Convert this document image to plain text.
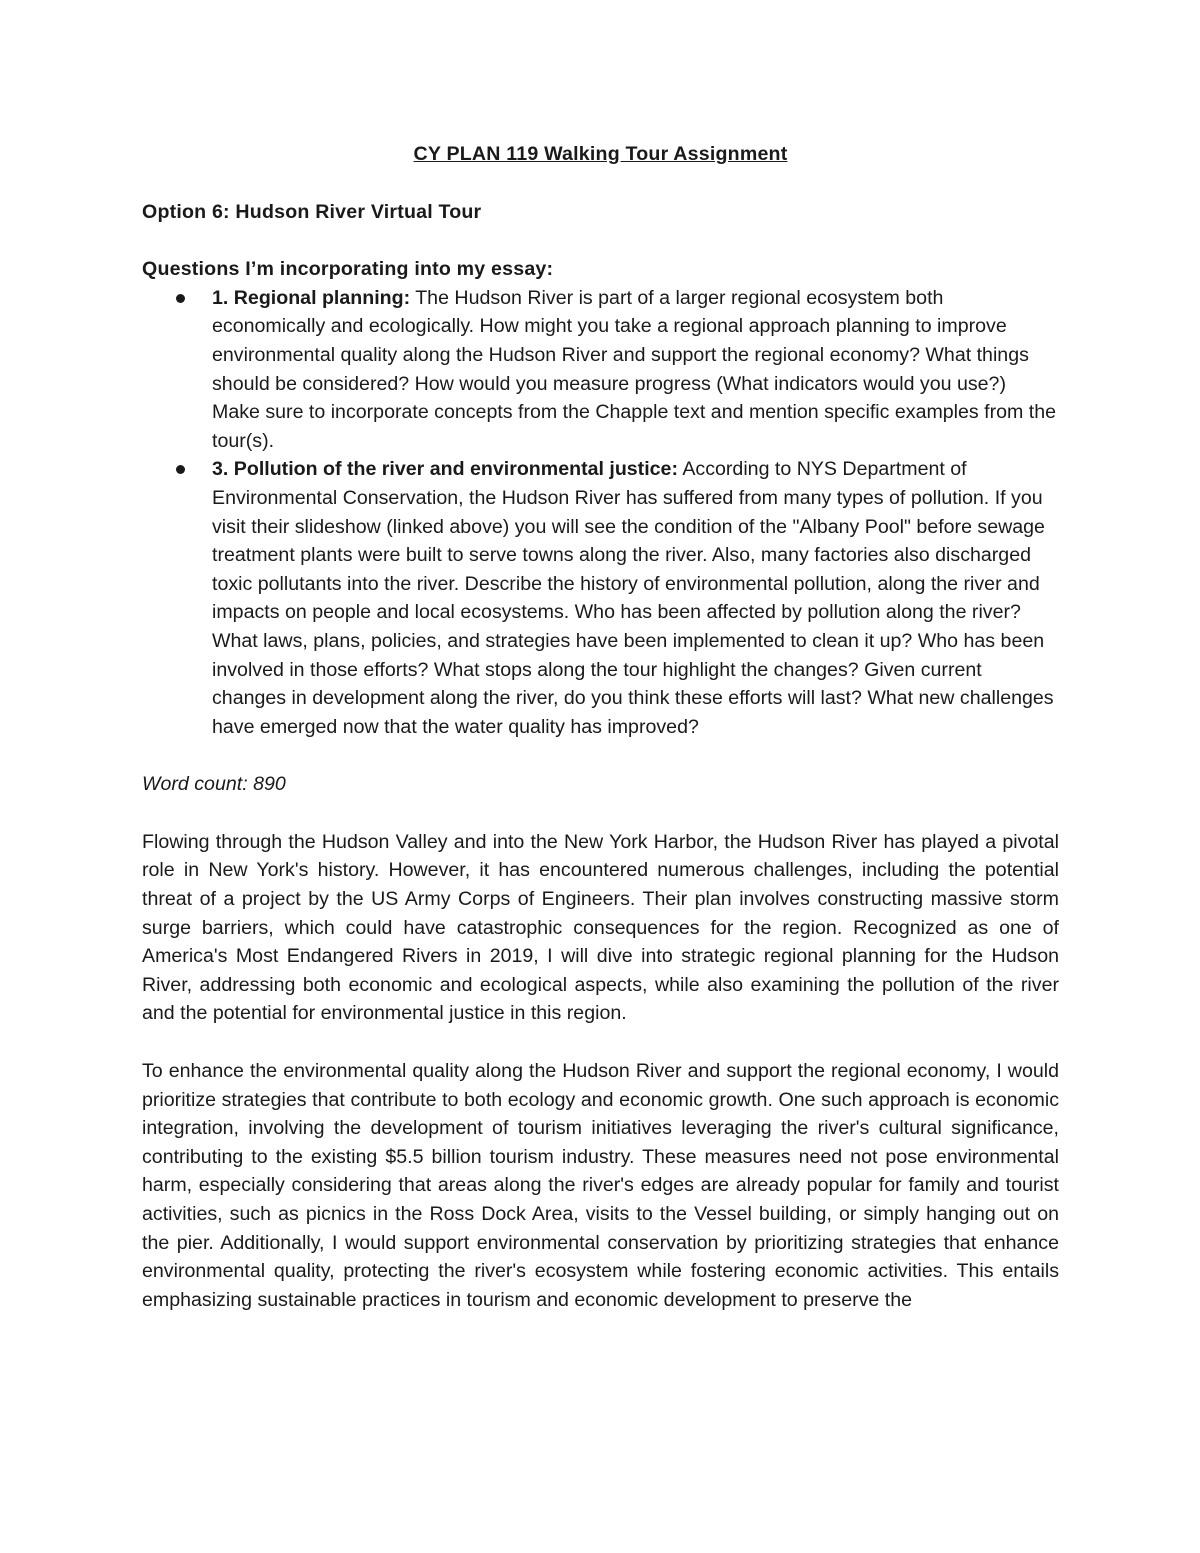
CY PLAN 119 Walking Tour Assignment
Option 6: Hudson River Virtual Tour
Questions I’m incorporating into my essay:
1. Regional planning: The Hudson River is part of a larger regional ecosystem both economically and ecologically. How might you take a regional approach planning to improve environmental quality along the Hudson River and support the regional economy? What things should be considered? How would you measure progress (What indicators would you use?) Make sure to incorporate concepts from the Chapple text and mention specific examples from the tour(s).
3. Pollution of the river and environmental justice: According to NYS Department of Environmental Conservation, the Hudson River has suffered from many types of pollution. If you visit their slideshow (linked above) you will see the condition of the "Albany Pool" before sewage treatment plants were built to serve towns along the river. Also, many factories also discharged toxic pollutants into the river. Describe the history of environmental pollution, along the river and impacts on people and local ecosystems. Who has been affected by pollution along the river? What laws, plans, policies, and strategies have been implemented to clean it up? Who has been involved in those efforts? What stops along the tour highlight the changes? Given current changes in development along the river, do you think these efforts will last? What new challenges have emerged now that the water quality has improved?
Word count: 890

Flowing through the Hudson Valley and into the New York Harbor, the Hudson River has played a pivotal role in New York's history. However, it has encountered numerous challenges, including the potential threat of a project by the US Army Corps of Engineers. Their plan involves constructing massive storm surge barriers, which could have catastrophic consequences for the region. Recognized as one of America's Most Endangered Rivers in 2019, I will dive into strategic regional planning for the Hudson River, addressing both economic and ecological aspects, while also examining the pollution of the river and the potential for environmental justice in this region.

To enhance the environmental quality along the Hudson River and support the regional economy, I would prioritize strategies that contribute to both ecology and economic growth. One such approach is economic integration, involving the development of tourism initiatives leveraging the river's cultural significance, contributing to the existing $5.5 billion tourism industry. These measures need not pose environmental harm, especially considering that areas along the river's edges are already popular for family and tourist activities, such as picnics in the Ross Dock Area, visits to the Vessel building, or simply hanging out on the pier. Additionally, I would support environmental conservation by prioritizing strategies that enhance environmental quality, protecting the river's ecosystem while fostering economic activities. This entails emphasizing sustainable practices in tourism and economic development to preserve the
